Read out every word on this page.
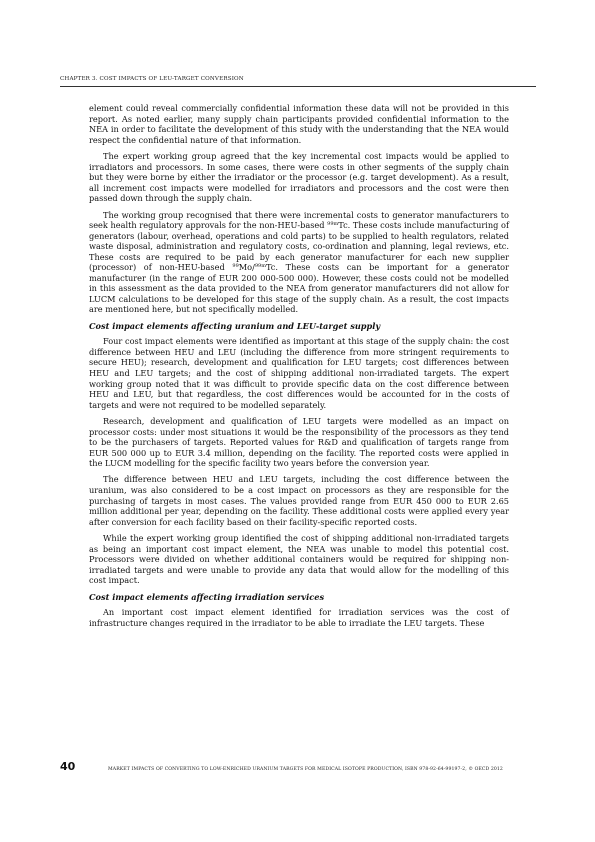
CHAPTER 3. COST IMPACTS OF LEU-TARGET CONVERSION

element could reveal commercially confidential information these data will not be provided in this report. As noted earlier, many supply chain participants provided confidential information to the NEA in order to facilitate the development of this study with the understanding that the NEA would respect the confidential nature of that information.

The expert working group agreed that the key incremental cost impacts would be applied to irradiators and processors. In some cases, there were costs in other segments of the supply chain but they were borne by either the irradiator or the processor (e.g. target development). As a result, all increment cost impacts were modelled for irradiators and processors and the cost were then passed down through the supply chain.

The working group recognised that there were incremental costs to generator manufacturers to seek health regulatory approvals for the non-HEU-based $^{99m}$Tc. These costs include manufacturing of generators (labour, overhead, operations and cold parts) to be supplied to health regulators, related waste disposal, administration and regulatory costs, co-ordination and planning, legal reviews, etc. These costs are required to be paid by each generator manufacturer for each new supplier (processor) of non-HEU-based $^{99}$Mo/$^{99m}$Tc. These costs can be important for a generator manufacturer (in the range of EUR 200 000-500 000). However, these costs could not be modelled in this assessment as the data provided to the NEA from generator manufacturers did not allow for LUCM calculations to be developed for this stage of the supply chain. As a result, the cost impacts are mentioned here, but not specifically modelled.

Cost impact elements affecting uranium and LEU-target supply

Four cost impact elements were identified as important at this stage of the supply chain: the cost difference between HEU and LEU (including the difference from more stringent requirements to secure HEU); research, development and qualification for LEU targets; cost differences between HEU and LEU targets; and the cost of shipping additional non-irradiated targets. The expert working group noted that it was difficult to provide specific data on the cost difference between HEU and LEU, but that regardless, the cost differences would be accounted for in the costs of targets and were not required to be modelled separately.

Research, development and qualification of LEU targets were modelled as an impact on processor costs: under most situations it would be the responsibility of the processors as they tend to be the purchasers of targets. Reported values for R&D and qualification of targets range from EUR 500 000 up to EUR 3.4 million, depending on the facility. The reported costs were applied in the LUCM modelling for the specific facility two years before the conversion year.

The difference between HEU and LEU targets, including the cost difference between the uranium, was also considered to be a cost impact on processors as they are responsible for the purchasing of targets in most cases. The values provided range from EUR 450 000 to EUR 2.65 million additional per year, depending on the facility. These additional costs were applied every year after conversion for each facility based on their facility-specific reported costs.

While the expert working group identified the cost of shipping additional non-irradiated targets as being an important cost impact element, the NEA was unable to model this potential cost. Processors were divided on whether additional containers would be required for shipping non-irradiated targets and were unable to provide any data that would allow for the modelling of this cost impact.

Cost impact elements affecting irradiation services

An important cost impact element identified for irradiation services was the cost of infrastructure changes required in the irradiator to be able to irradiate the LEU targets. These

40	MARKET IMPACTS OF CONVERTING TO LOW-ENRICHED URANIUM TARGETS FOR MEDICAL ISOTOPE PRODUCTION, ISBN 978-92-64-99197-2, © OECD 2012
